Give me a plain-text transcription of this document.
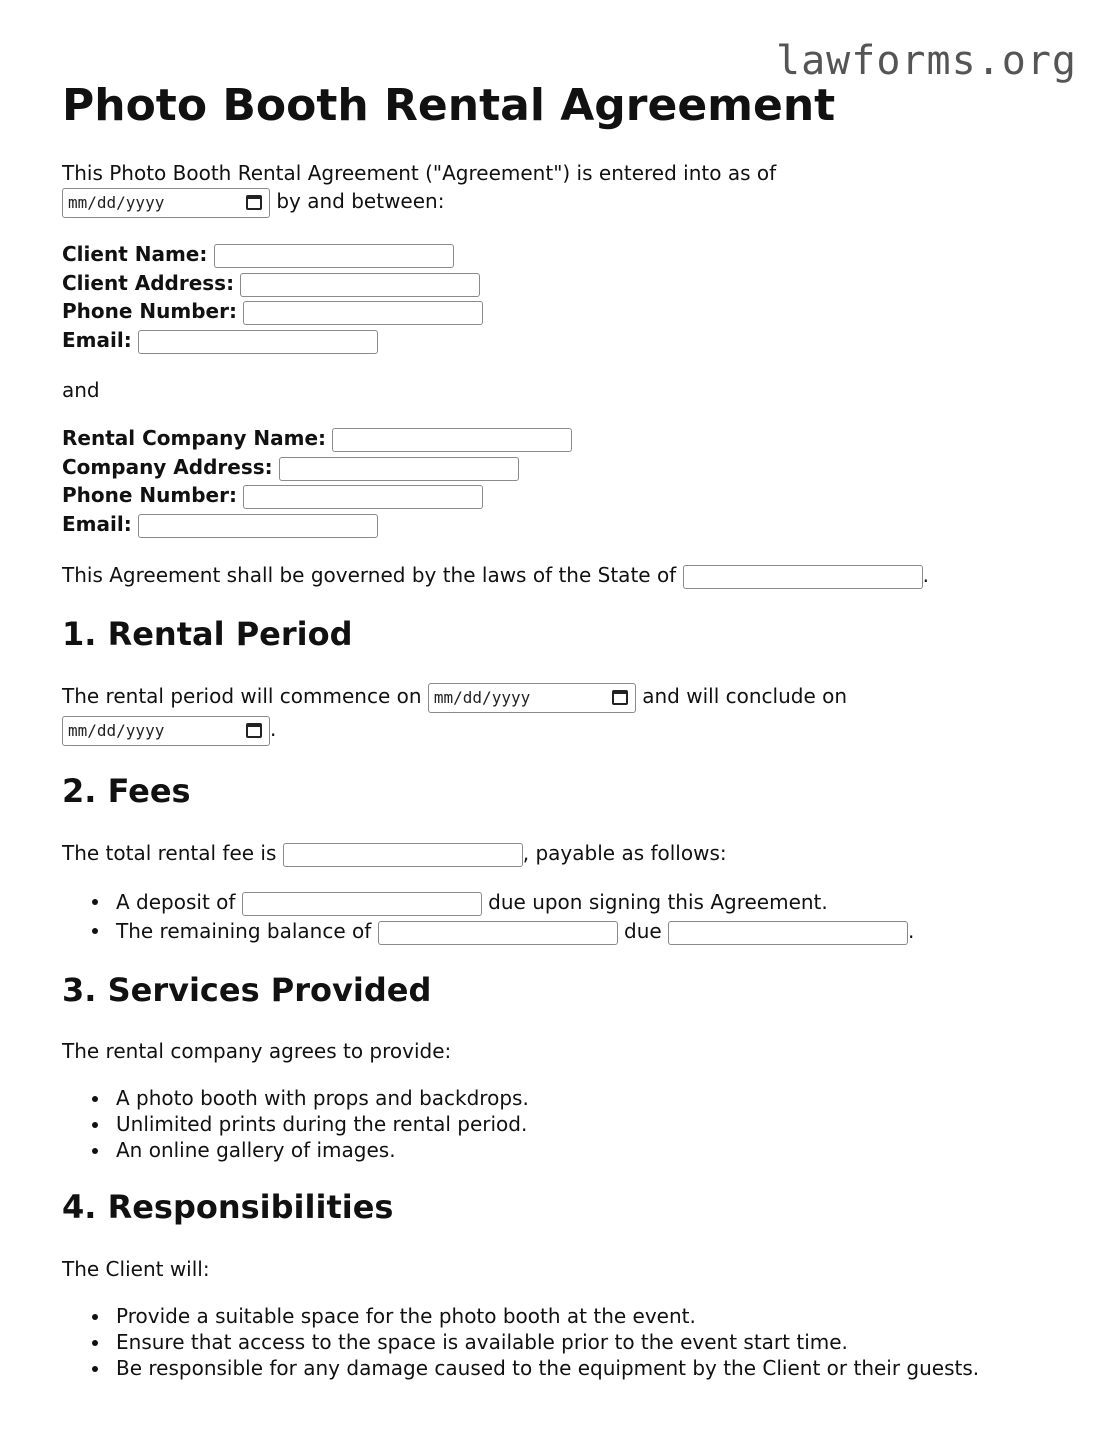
lawforms.org
Photo Booth Rental Agreement
This Photo Booth Rental Agreement ("Agreement") is entered into as of
mm/dd/yyyy	by and between:
Client Name:
Client Address:
Phone Number:
Email:
and
Rental Company Name:
Company Address:
Phone Number:
Email:
This Agreement shall be governed by the laws of the State of	.
1. Rental Period
The rental period will commence on mm/dd/yyyy	and will conclude on
mm/dd/yyyy	.
2. Fees
The total rental fee is	, payable as follows:
A deposit of	due upon signing this Agreement.
The remaining balance of	due	.
3. Services Provided
The rental company agrees to provide:
A photo booth with props and backdrops.
Unlimited prints during the rental period.
An online gallery of images.
4. Responsibilities
The Client will:
Provide a suitable space for the photo booth at the event.
Ensure that access to the space is available prior to the event start time.
Be responsible for any damage caused to the equipment by the Client or their guests.
